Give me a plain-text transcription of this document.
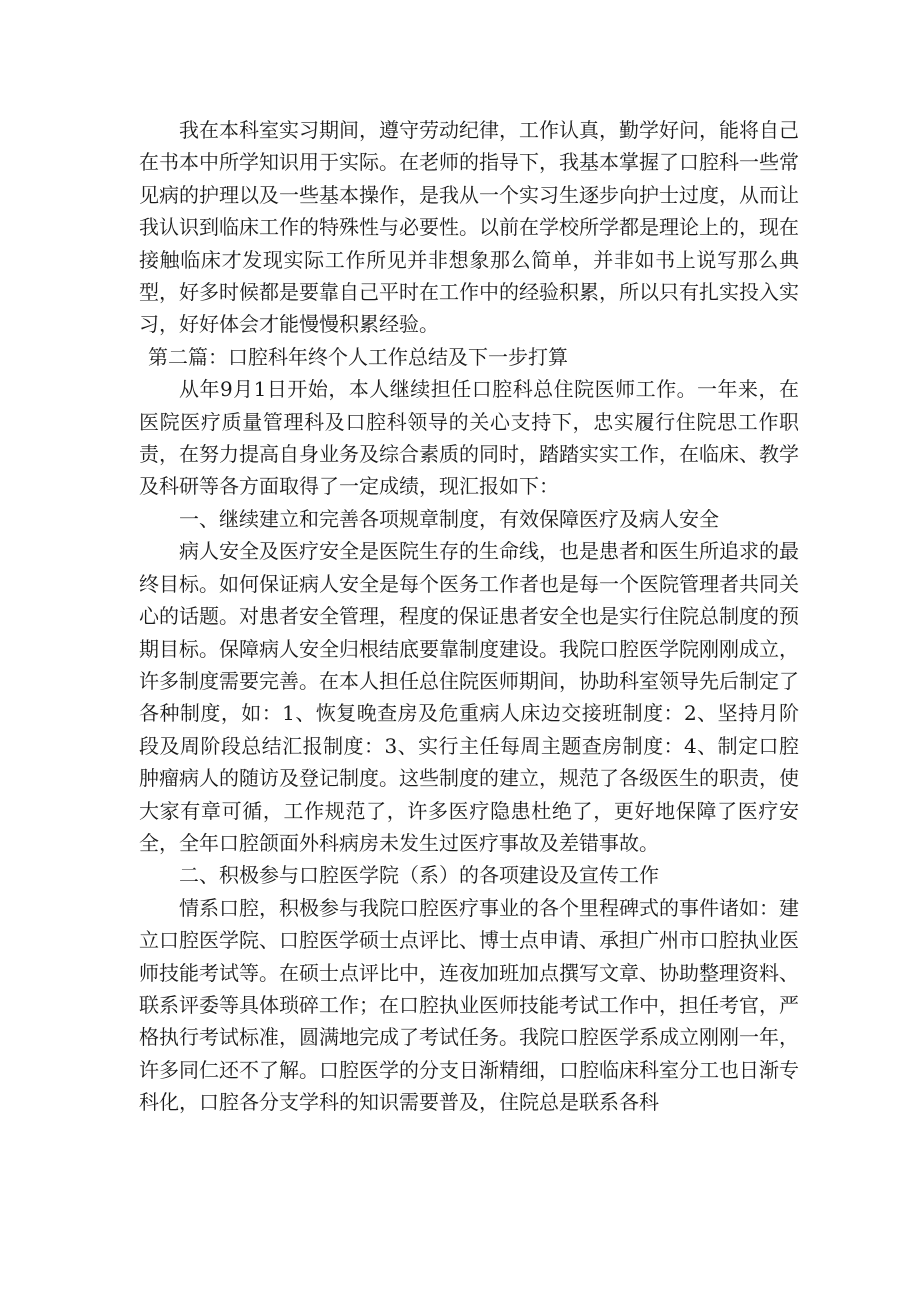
我在本科室实习期间，遵守劳动纪律，工作认真，勤学好问，能将自己在书本中所学知识用于实际。在老师的指导下，我基本掌握了口腔科一些常见病的护理以及一些基本操作，是我从一个实习生逐步向护士过度，从而让我认识到临床工作的特殊性与必要性。以前在学校所学都是理论上的，现在接触临床才发现实际工作所见并非想象那么简单，并非如书上说写那么典型，好多时候都是要靠自己平时在工作中的经验积累，所以只有扎实投入实习，好好体会才能慢慢积累经验。

第二篇：口腔科年终个人工作总结及下一步打算

从年9月1日开始，本人继续担任口腔科总住院医师工作。一年来，在医院医疗质量管理科及口腔科领导的关心支持下，忠实履行住院思工作职责，在努力提高自身业务及综合素质的同时，踏踏实实工作，在临床、教学及科研等各方面取得了一定成绩，现汇报如下：

一、继续建立和完善各项规章制度，有效保障医疗及病人安全

病人安全及医疗安全是医院生存的生命线，也是患者和医生所追求的最终目标。如何保证病人安全是每个医务工作者也是每一个医院管理者共同关心的话题。对患者安全管理，程度的保证患者安全也是实行住院总制度的预期目标。保障病人安全归根结底要靠制度建设。我院口腔医学院刚刚成立，许多制度需要完善。在本人担任总住院医师期间，协助科室领导先后制定了各种制度，如：1、恢复晚查房及危重病人床边交接班制度：2、坚持月阶段及周阶段总结汇报制度：3、实行主任每周主题查房制度：4、制定口腔肿瘤病人的随访及登记制度。这些制度的建立，规范了各级医生的职责，使大家有章可循，工作规范了，许多医疗隐患杜绝了，更好地保障了医疗安全，全年口腔颌面外科病房未发生过医疗事故及差错事故。

二、积极参与口腔医学院（系）的各项建设及宣传工作

情系口腔，积极参与我院口腔医疗事业的各个里程碑式的事件诸如：建立口腔医学院、口腔医学硕士点评比、博士点申请、承担广州市口腔执业医师技能考试等。在硕士点评比中，连夜加班加点撰写文章、协助整理资料、联系评委等具体琐碎工作；在口腔执业医师技能考试工作中，担任考官，严格执行考试标准，圆满地完成了考试任务。我院口腔医学系成立刚刚一年，许多同仁还不了解。口腔医学的分支日渐精细，口腔临床科室分工也日渐专科化，口腔各分支学科的知识需要普及，住院总是联系各科
